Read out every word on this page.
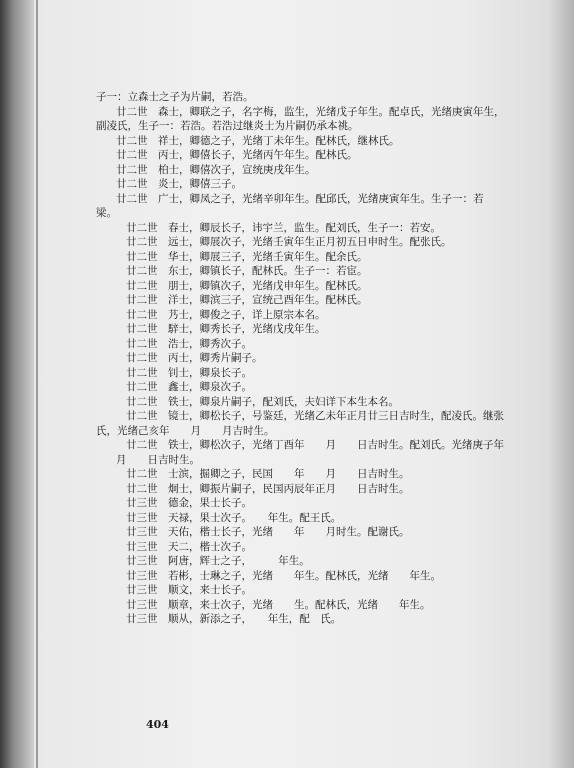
子一：立森士之子为片嗣，若浩。
廿二世　森士，卿联之子，名字梅，监生，光绪戊子年生。配卓氏，光绪庚寅年生，
副凌氏，生子一：若浩。若浩过继炎士为片嗣仍承本祧。
廿二世　祥士，卿德之子，光绪丁未年生。配林氏，继林氏。
廿二世　丙士，卿僖长子，光绪丙午年生。配林氏。
廿二世　柏士，卿僖次子，宣统庚戌年生。
廿二世　炎士，卿僖三子。
廿二世　广士，卿凤之子，光绪辛卯年生。配邱氏，光绪庚寅年生。生子一：若
梁。
廿二世　春士，卿辰长子，讳宇兰，监生。配刘氏，生子一：若安。
廿二世　远士，卿展次子，光绪壬寅年生正月初五日申时生。配张氏。
廿二世　华士，卿展三子，光绪壬寅年生。配余氏。
廿二世　东士，卿镇长子，配林氏。生子一：若宦。
廿二世　朋士，卿镇次子，光绪戊申年生。配林氏。
廿二世　洋士，卿滨三子，宣统己酉年生。配林氏。
廿二世　艿士，卿俊之子，详上原宗本名。
廿二世　騂士，卿秀长子，光绪戊戌年生。
廿二世　浩士，卿秀次子。
廿二世　丙士，卿秀片嗣子。
廿二世　钊士，卿泉长子。
廿二世　鑫士，卿泉次子。
廿二世　铁士，卿泉片嗣子，配刘氏，夫妇详下本生本名。
廿二世　镜士，卿松长子，号鉴廷，光绪乙未年正月廿三日吉时生，配凌氏。继张
氏，光绪己亥年　　月　　月吉时生。
廿二世　铁士，卿松次子，光绪丁酉年　　月　　日吉时生。配刘氏。光绪庚子年
月　　日吉时生。
廿二世　士滨，掘卿之子，民国　　年　　月　　日吉时生。
廿二世　炯士，卿振片嗣子，民国丙辰年正月　　日吉时生。
廿三世　德金，果士长子。
廿三世　天禄，果士次子。　　年生。配王氏。
廿三世　天佑，楷士长子，光绪　　年　　月时生。配谢氏。
廿三世　天二，楷士次子。
廿三世　阿唐，辉士之子，　　　年生。
廿三世　若彬，士琳之子，光绪　　年生。配林氏，光绪　　年生。
廿三世　顺文，来士长子。
廿三世　顺章，来士次子，光绪　　生。配林氏，光绪　　年生。
廿三世　顺从，新添之子，　　年生，配　氏。
404
